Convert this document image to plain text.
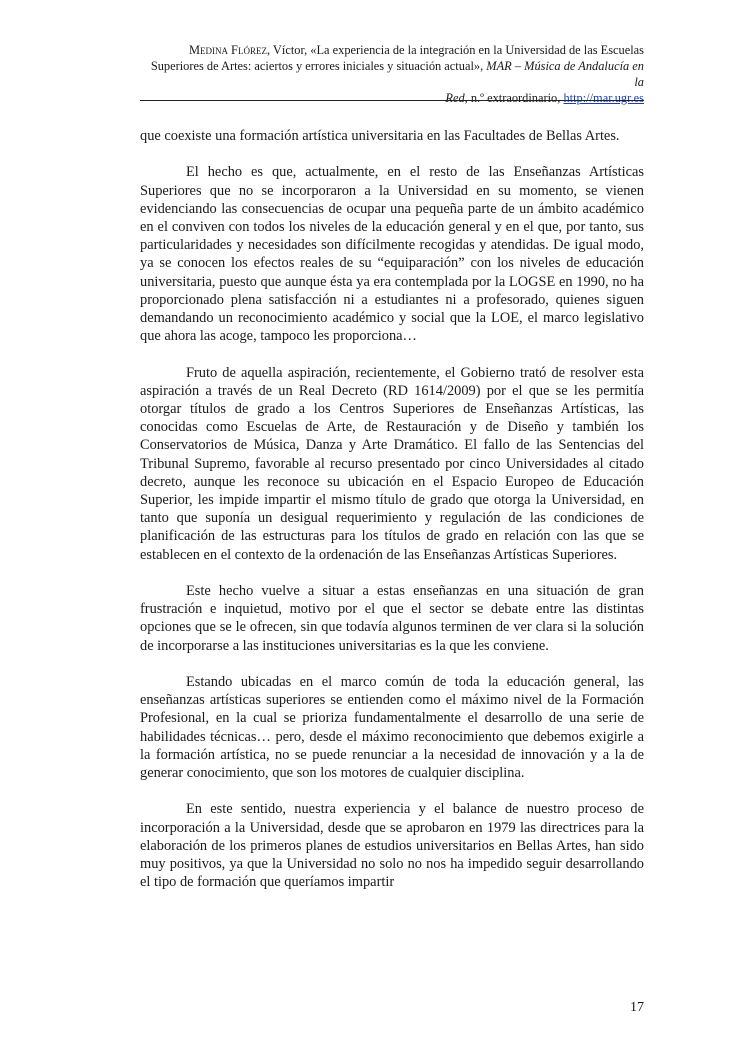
Medina Flórez, Víctor, «La experiencia de la integración en la Universidad de las Escuelas
Superiores de Artes: aciertos y errores iniciales y situación actual», MAR – Música de Andalucía en la
Red, n.º extraordinario, http://mar.ugr.es

que coexiste una formación artística universitaria en las Facultades de Bellas Artes.

El hecho es que, actualmente, en el resto de las Enseñanzas Artísticas Superiores que no se incorporaron a la Universidad en su momento, se vienen evidenciando las consecuencias de ocupar una pequeña parte de un ámbito académico en el conviven con todos los niveles de la educación general y en el que, por tanto, sus particularidades y necesidades son difícilmente recogidas y atendidas. De igual modo, ya se conocen los efectos reales de su “equiparación” con los niveles de educación universitaria, puesto que aunque ésta ya era contemplada por la LOGSE en 1990, no ha proporcionado plena satisfacción ni a estudiantes ni a profesorado, quienes siguen demandando un reconocimiento académico y social que la LOE, el marco legislativo que ahora las acoge, tampoco les proporciona…

Fruto de aquella aspiración, recientemente, el Gobierno trató de resolver esta aspiración a través de un Real Decreto (RD 1614/2009) por el que se les permitía otorgar títulos de grado a los Centros Superiores de Enseñanzas Artísticas, las conocidas como Escuelas de Arte, de Restauración y de Diseño y también los Conservatorios de Música, Danza y Arte Dramático. El fallo de las Sentencias del Tribunal Supremo, favorable al recurso presentado por cinco Universidades al citado decreto, aunque les reconoce su ubicación en el Espacio Europeo de Educación Superior, les impide impartir el mismo título de grado que otorga la Universidad, en tanto que suponía un desigual requerimiento y regulación de las condiciones de planificación de las estructuras para los títulos de grado en relación con las que se establecen en el contexto de la ordenación de las Enseñanzas Artísticas Superiores.

Este hecho vuelve a situar a estas enseñanzas en una situación de gran frustración e inquietud, motivo por el que el sector se debate entre las distintas opciones que se le ofrecen, sin que todavía algunos terminen de ver clara si la solución de incorporarse a las instituciones universitarias es la que les conviene.

Estando ubicadas en el marco común de toda la educación general, las enseñanzas artísticas superiores se entienden como el máximo nivel de la Formación Profesional, en la cual se prioriza fundamentalmente el desarrollo de una serie de habilidades técnicas… pero, desde el máximo reconocimiento que debemos exigirle a la formación artística, no se puede renunciar a la necesidad de innovación y a la de generar conocimiento, que son los motores de cualquier disciplina.

En este sentido, nuestra experiencia y el balance de nuestro proceso de incorporación a la Universidad, desde que se aprobaron en 1979 las directrices para la elaboración de los primeros planes de estudios universitarios en Bellas Artes, han sido muy positivos, ya que la Universidad no solo no nos ha impedido seguir desarrollando el tipo de formación que queríamos impartir

17
